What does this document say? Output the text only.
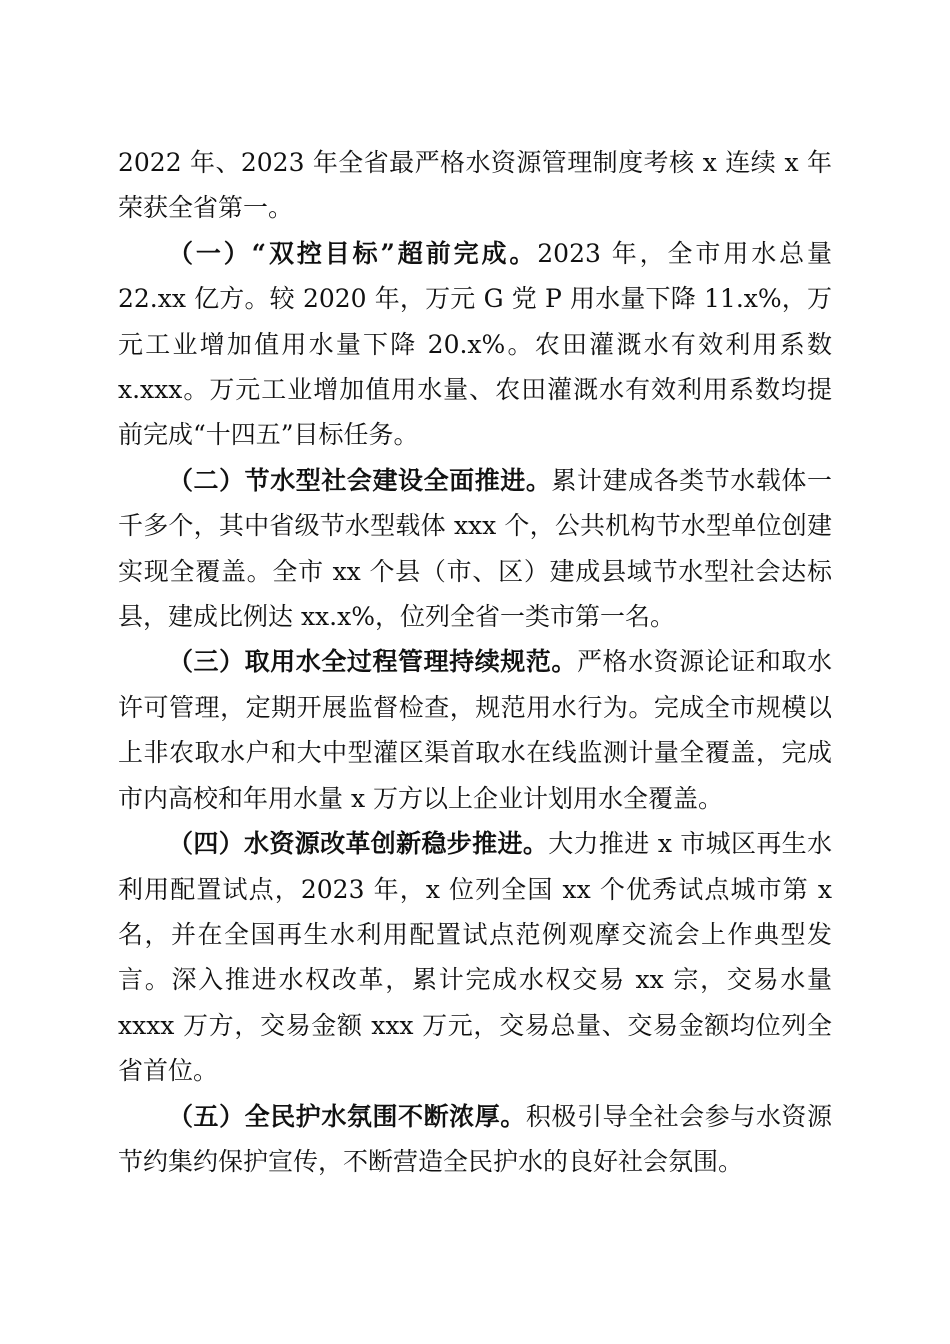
2022 年、2023 年全省最严格水资源管理制度考核 x 连续 x 年荣获全省第一。

（一）“双控目标”超前完成。2023 年，全市用水总量 22.xx 亿方。较 2020 年，万元 G 党 P 用水量下降 11.x%，万元工业增加值用水量下降 20.x%。农田灌溉水有效利用系数 x.xxx。万元工业增加值用水量、农田灌溉水有效利用系数均提前完成“十四五”目标任务。

（二）节水型社会建设全面推进。累计建成各类节水载体一千多个，其中省级节水型载体 xxx 个，公共机构节水型单位创建实现全覆盖。全市 xx 个县（市、区）建成县域节水型社会达标县，建成比例达 xx.x%，位列全省一类市第一名。

（三）取用水全过程管理持续规范。严格水资源论证和取水许可管理，定期开展监督检查，规范用水行为。完成全市规模以上非农取水户和大中型灌区渠首取水在线监测计量全覆盖，完成市内高校和年用水量 x 万方以上企业计划用水全覆盖。

（四）水资源改革创新稳步推进。大力推进 x 市城区再生水利用配置试点，2023 年，x 位列全国 xx 个优秀试点城市第 x 名，并在全国再生水利用配置试点范例观摩交流会上作典型发言。深入推进水权改革，累计完成水权交易 xx 宗，交易水量 xxxx 万方，交易金额 xxx 万元，交易总量、交易金额均位列全省首位。

（五）全民护水氛围不断浓厚。积极引导全社会参与水资源节约集约保护宣传，不断营造全民护水的良好社会氛围。
